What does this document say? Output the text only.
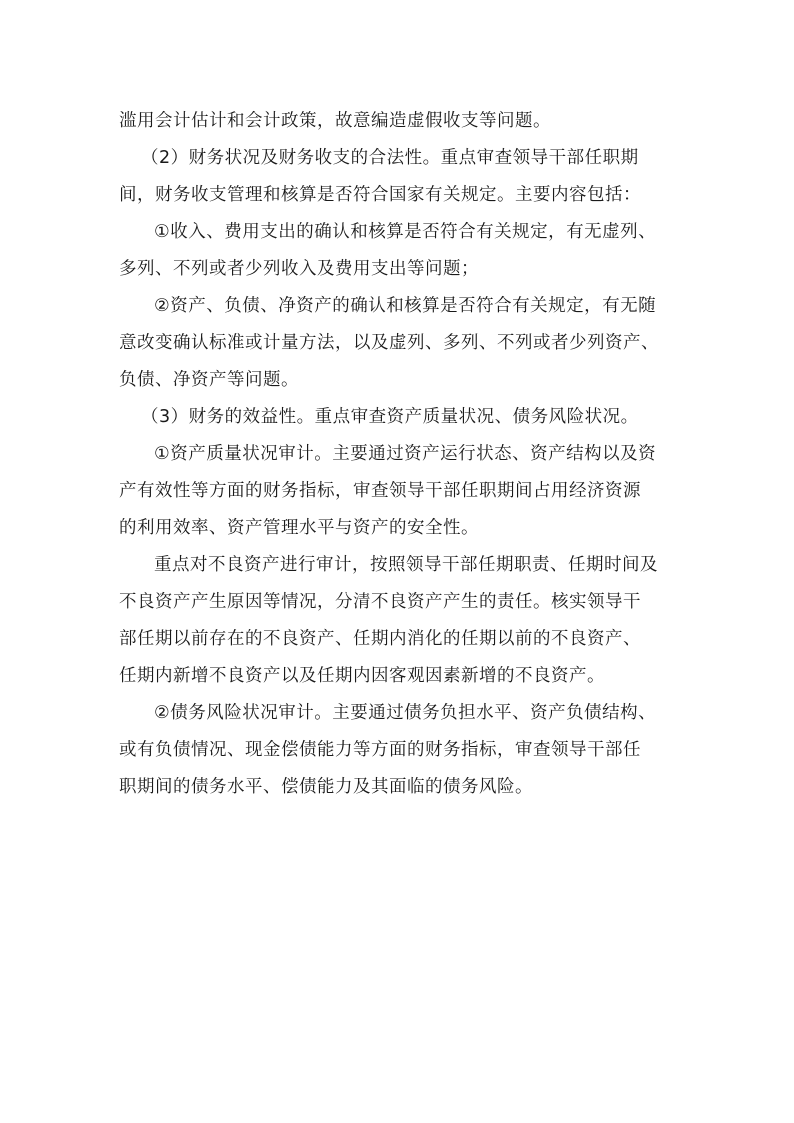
滥用会计估计和会计政策，故意编造虚假收支等问题。
（2）财务状况及财务收支的合法性。重点审查领导干部任职期
间，财务收支管理和核算是否符合国家有关规定。主要内容包括：
①收入、费用支出的确认和核算是否符合有关规定，有无虚列、
多列、不列或者少列收入及费用支出等问题；
②资产、负债、净资产的确认和核算是否符合有关规定，有无随
意改变确认标准或计量方法，以及虚列、多列、不列或者少列资产、
负债、净资产等问题。
（3）财务的效益性。重点审查资产质量状况、债务风险状况。
①资产质量状况审计。主要通过资产运行状态、资产结构以及资
产有效性等方面的财务指标，审查领导干部任职期间占用经济资源
的利用效率、资产管理水平与资产的安全性。
重点对不良资产进行审计，按照领导干部任期职责、任期时间及
不良资产产生原因等情况，分清不良资产产生的责任。核实领导干
部任期以前存在的不良资产、任期内消化的任期以前的不良资产、
任期内新增不良资产以及任期内因客观因素新增的不良资产。
②债务风险状况审计。主要通过债务负担水平、资产负债结构、
或有负债情况、现金偿债能力等方面的财务指标，审查领导干部任
职期间的债务水平、偿债能力及其面临的债务风险。
